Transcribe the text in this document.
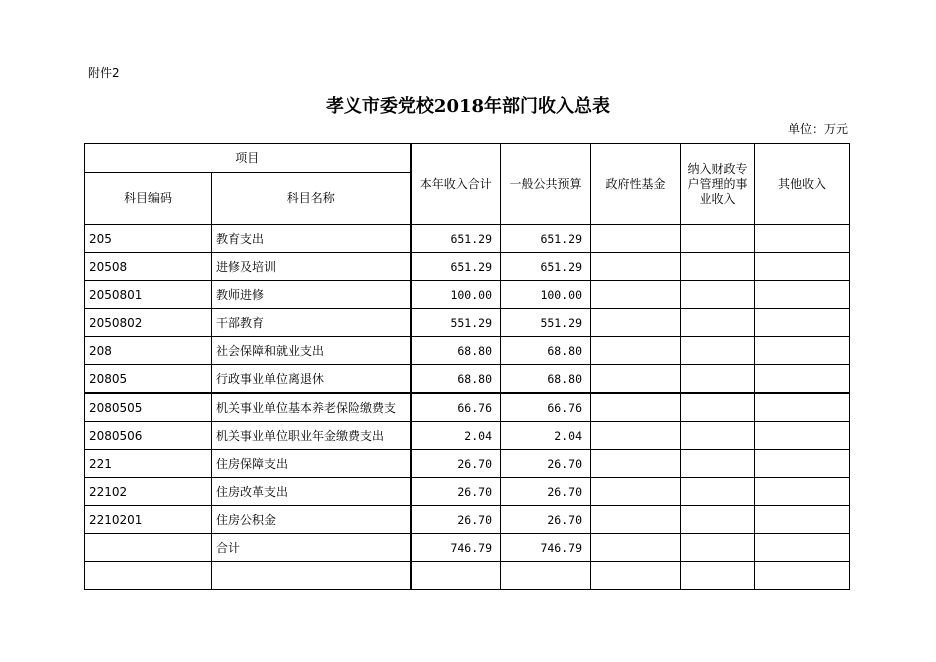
附件2
孝义市委党校2018年部门收入总表
单位：万元
项目		本年收入合计	一般公共预算	政府性基金	纳入财政专户管理的事业收入	其他收入
科目编码	科目名称					
205	教育支出	651.29	651.29			
20508	进修及培训	651.29	651.29			
2050801	教师进修	100.00	100.00			
2050802	干部教育	551.29	551.29			
208	社会保障和就业支出	68.80	68.80			
20805	行政事业单位离退休	68.80	68.80			
2080505	机关事业单位基本养老保险缴费支	66.76	66.76			
2080506	机关事业单位职业年金缴费支出	2.04	2.04			
221	住房保障支出	26.70	26.70			
22102	住房改革支出	26.70	26.70			
2210201	住房公积金	26.70	26.70			
	合计	746.79	746.79			
